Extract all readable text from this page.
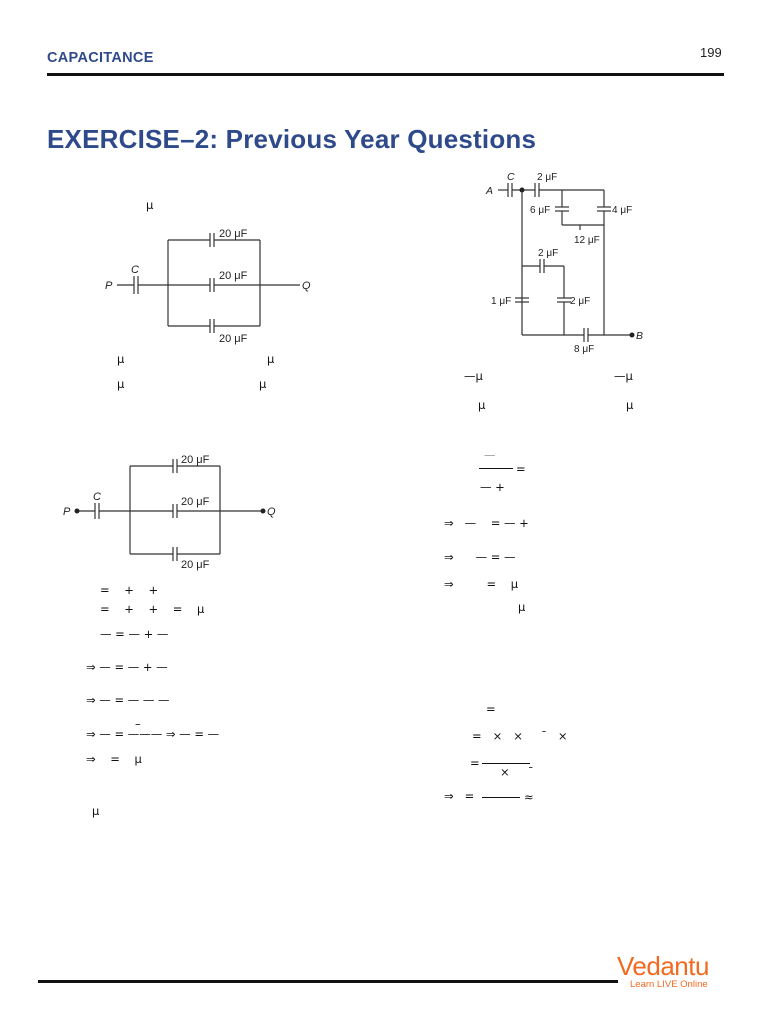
CAPACITANCE	199
EXERCISE–2: Previous Year Questions
μ
P
C
Q
20 μF
20 μF
20 μF
μ	μ
μ	μ
A
B
C 2 μF
6 μF	4 μF
12 μF
2 μF
1 μF	2 μF
8 μF
—μ	—μ
μ	μ
P
C
Q
20 μF
20 μF
20 μF
=    +    +
=    +    +    =    μ
— = — + —
⇒ — = — + —
⇒ — = — — —
–
⇒ — = ——— ⇒ — = —
⇒    =    μ
μ
—
=
— +
⇒   —    = — +
⇒      — = —
⇒         =    μ
μ
=
=   ×   ×     ˉ   ×
=
×     ˉ
⇒   =	≈
Vedantu
Learn LIVE Online
